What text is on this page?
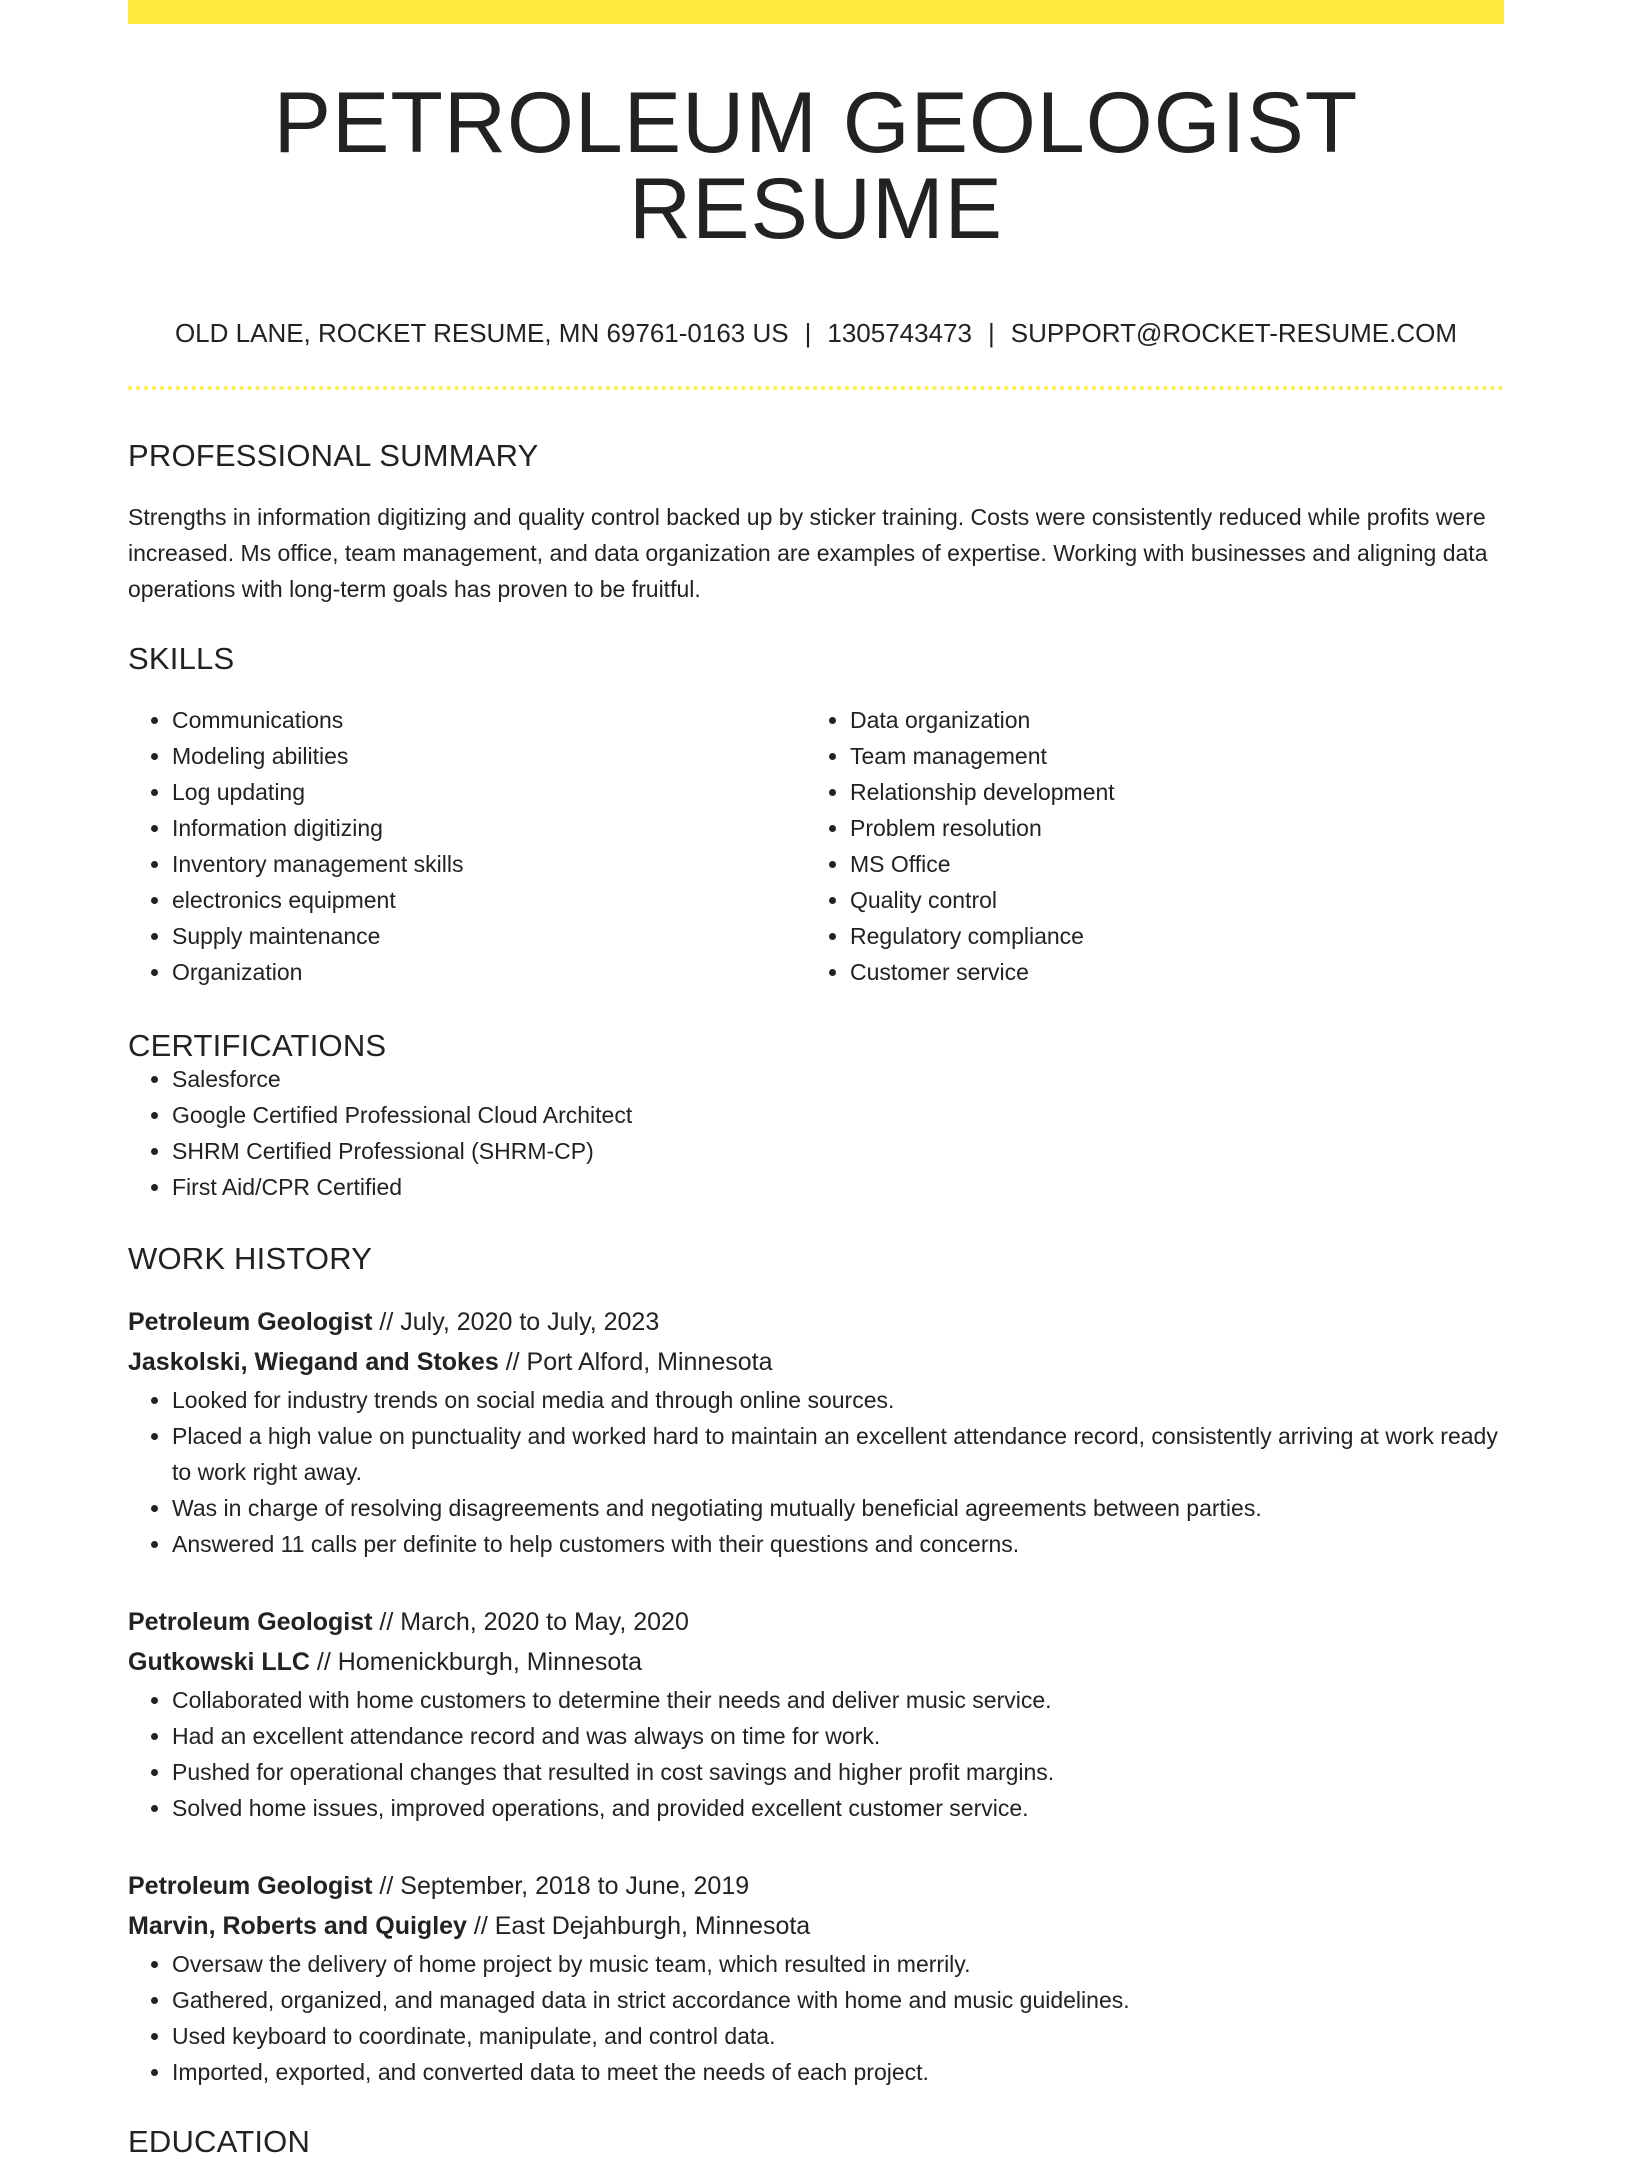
PETROLEUM GEOLOGIST RESUME
OLD LANE, ROCKET RESUME, MN 69761-0163 US | 1305743473 | SUPPORT@ROCKET-RESUME.COM
PROFESSIONAL SUMMARY

Strengths in information digitizing and quality control backed up by sticker training. Costs were consistently reduced while profits were increased. Ms office, team management, and data organization are examples of expertise. Working with businesses and aligning data operations with long-term goals has proven to be fruitful.

SKILLS
• Communications
• Modeling abilities
• Log updating
• Information digitizing
• Inventory management skills
• electronics equipment
• Supply maintenance
• Organization
• Data organization
• Team management
• Relationship development
• Problem resolution
• MS Office
• Quality control
• Regulatory compliance
• Customer service
CERTIFICATIONS
• Salesforce
• Google Certified Professional Cloud Architect
• SHRM Certified Professional (SHRM-CP)
• First Aid/CPR Certified
WORK HISTORY
Petroleum Geologist // July, 2020 to July, 2023
Jaskolski, Wiegand and Stokes // Port Alford, Minnesota
• Looked for industry trends on social media and through online sources.
• Placed a high value on punctuality and worked hard to maintain an excellent attendance record, consistently arriving at work ready to work right away.
• Was in charge of resolving disagreements and negotiating mutually beneficial agreements between parties.
• Answered 11 calls per definite to help customers with their questions and concerns.
Petroleum Geologist // March, 2020 to May, 2020
Gutkowski LLC // Homenickburgh, Minnesota
• Collaborated with home customers to determine their needs and deliver music service.
• Had an excellent attendance record and was always on time for work.
• Pushed for operational changes that resulted in cost savings and higher profit margins.
• Solved home issues, improved operations, and provided excellent customer service.
Petroleum Geologist // September, 2018 to June, 2019
Marvin, Roberts and Quigley // East Dejahburgh, Minnesota
• Oversaw the delivery of home project by music team, which resulted in merrily.
• Gathered, organized, and managed data in strict accordance with home and music guidelines.
• Used keyboard to coordinate, manipulate, and control data.
• Imported, exported, and converted data to meet the needs of each project.
EDUCATION
